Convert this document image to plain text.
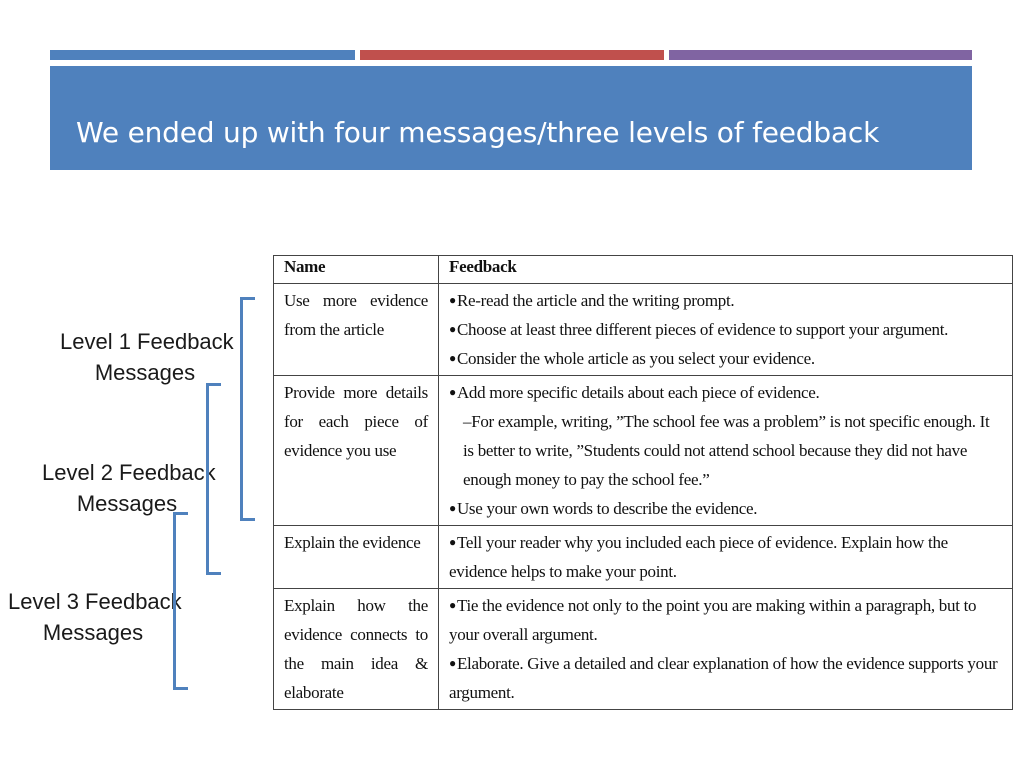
We ended up with four messages/three levels of feedback
Level 1 Feedback
Messages
Level 2 Feedback
Messages
Level 3 Feedback
Messages
Name	Feedback
Use more evidence from the article	● Re-read the article and the writing prompt.
● Choose at least three different pieces of evidence to support your argument.
● Consider the whole article as you select your evidence.

Provide more details for each piece of evidence you use	● Add more specific details about each piece of evidence.
–For example, writing, ”The school fee was a problem” is not specific enough. It is better to write, ”Students could not attend school because they did not have enough money to pay the school fee.”
● Use your own words to describe the evidence.

Explain the evidence	● Tell your reader why you included each piece of evidence. Explain how the evidence helps to make your point.

Explain how the evidence connects to the main idea & elaborate	● Tie the evidence not only to the point you are making within a paragraph, but to your overall argument.
● Elaborate. Give a detailed and clear explanation of how the evidence supports your argument.
